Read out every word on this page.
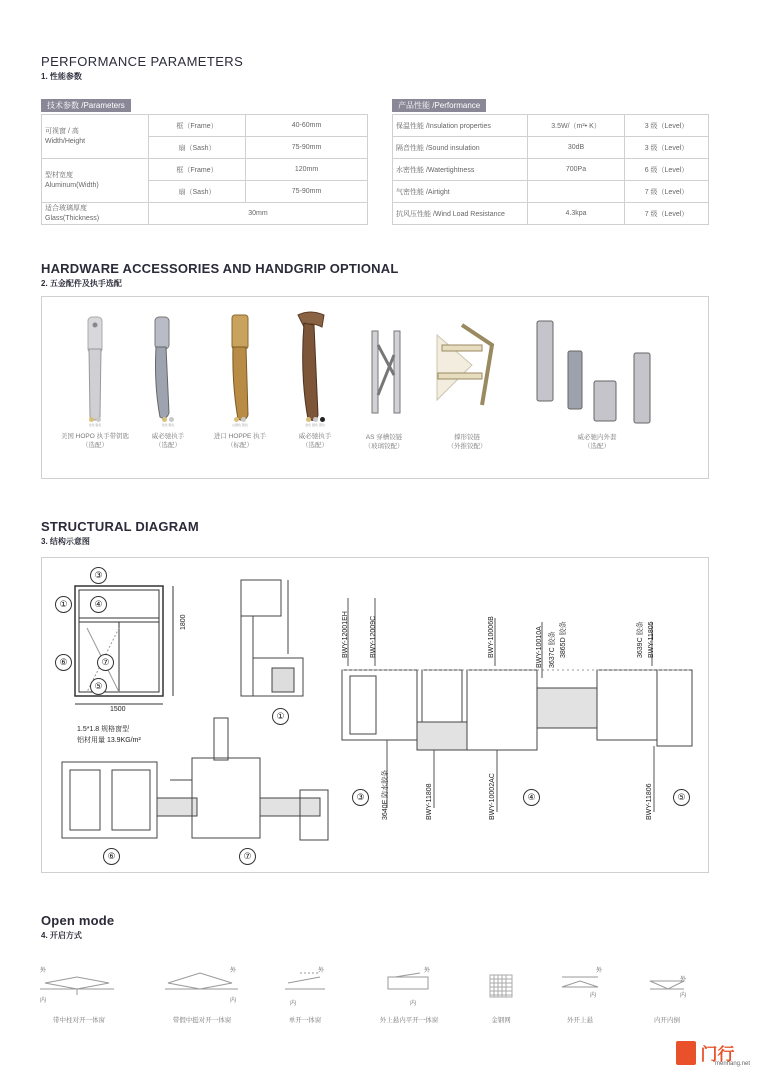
PERFORMANCE PARAMETERS
1. 性能参数
技术参数 /Parameters
可视窗 / 高
Width/Height	框（Frame）	40-60mm
	扇（Sash）	75-90mm
型材宽度
Aluminum(Width)	框（Frame）	120mm
	扇（Sash）	75-90mm
适合玻璃厚度
Glass(Thickness)	30mm	
产品性能 /Performance
保温性能 /Insulation properties	3.5W/（m²• K）	3 级（Level）
隔音性能 /Sound insulation	30dB	3 级（Level）
水密性能 /Watertightness	700Pa	6 级（Level）
气密性能 /Airtight		7 级（Level）
抗风压性能 /Wind Load Resistance	4.3kpa	7 级（Level）
HARDWARE ACCESSORIES AND HANDGRIP OPTIONAL
2. 五金配件及执手选配
金色 银色
美国 HOPO 执手带钥匙
（选配）
金色 银色
威必驰执手
（选配）
古铜色 银色
进口 HOPPE 执手
（标配）
金色 银色 黑色
威必驰执手
（选配）
AS 穿槽铰链
（玻璃铰配）
撑形铰链
（外推铰配）
威必驰内外套
（选配）
STRUCTURAL DIAGRAM
3. 结构示意图
1800
1500
1.5*1.8 规格窗型
铝材用量 13.9KG/m²
③
①	④
⑥	⑦
⑤
①
③	④	⑤
⑥	⑦
BWY-12001EH	BWY-12009C	BWY-10006B	BWY-10010A 3637C 胶条 3865D 胶条	3639C 胶条 BWY-11805
3640E 防水胶条	BWY-11808	BWY-10002AC	BWY-11806
Open mode
4. 开启方式
外
内
外
内
外
内
外
内
外
内
外
内
带中柱对开一体窗	带假中挺对开一体窗	单开一体窗	外上悬内平开一体窗	金钢网	外开上悬	内开内倒
门行
menhang.net
